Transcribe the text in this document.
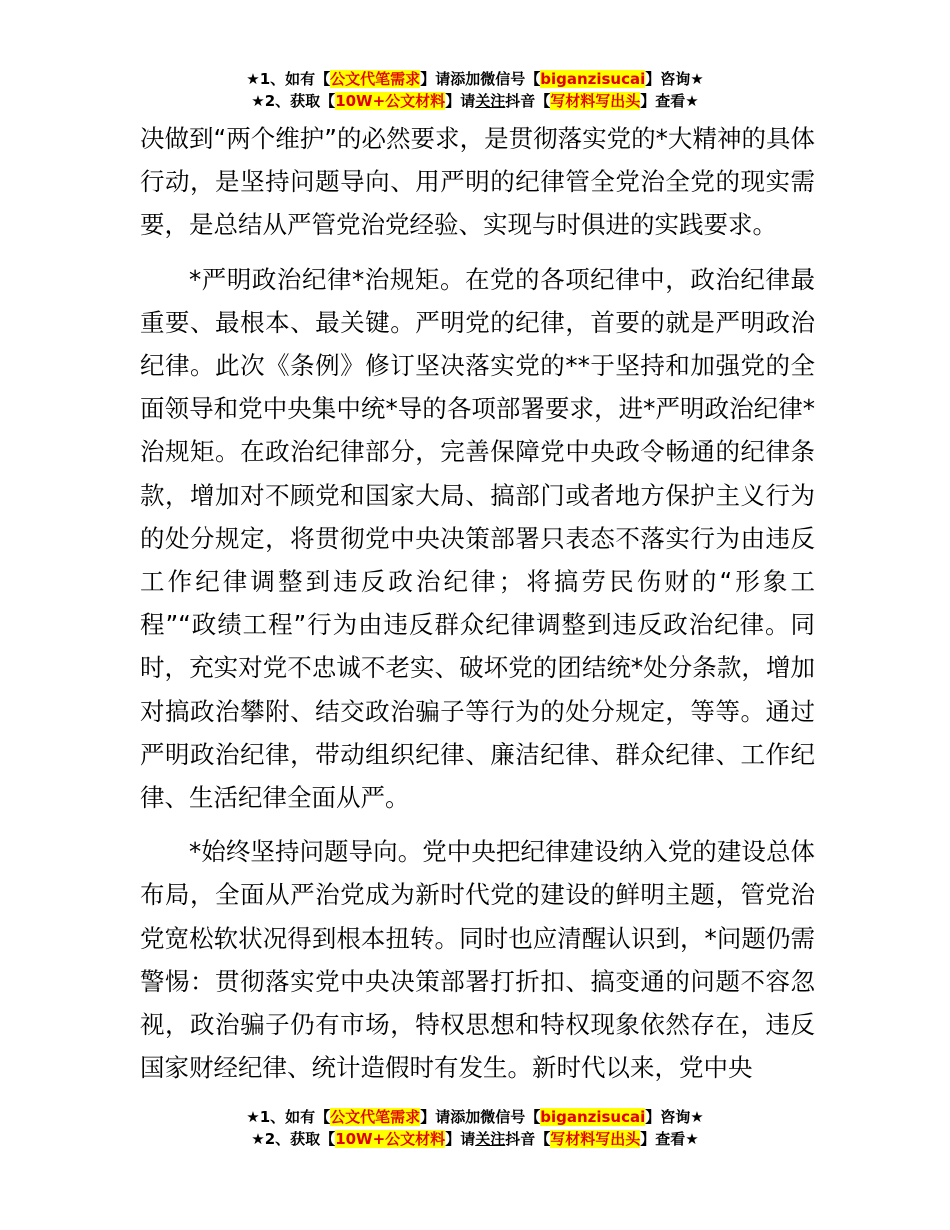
★1、如有【公文代笔需求】请添加微信号【biganzisucai】咨询★
★2、获取【10W+公文材料】请关注抖音【写材料写出头】查看★

决做到“两个维护”的必然要求，是贯彻落实党的*大精神的具体行动，是坚持问题导向、用严明的纪律管全党治全党的现实需要，是总结从严管党治党经验、实现与时俱进的实践要求。

*严明政治纪律*治规矩。在党的各项纪律中，政治纪律最重要、最根本、最关键。严明党的纪律，首要的就是严明政治纪律。此次《条例》修订坚决落实党的**于坚持和加强党的全面领导和党中央集中统*导的各项部署要求，进*严明政治纪律*治规矩。在政治纪律部分，完善保障党中央政令畅通的纪律条款，增加对不顾党和国家大局、搞部门或者地方保护主义行为的处分规定，将贯彻党中央决策部署只表态不落实行为由违反工作纪律调整到违反政治纪律；将搞劳民伤财的“形象工程”“政绩工程”行为由违反群众纪律调整到违反政治纪律。同时，充实对党不忠诚不老实、破坏党的团结统*处分条款，增加对搞政治攀附、结交政治骗子等行为的处分规定，等等。通过严明政治纪律，带动组织纪律、廉洁纪律、群众纪律、工作纪律、生活纪律全面从严。

*始终坚持问题导向。党中央把纪律建设纳入党的建设总体布局，全面从严治党成为新时代党的建设的鲜明主题，管党治党宽松软状况得到根本扭转。同时也应清醒认识到，*问题仍需警惕：贯彻落实党中央决策部署打折扣、搞变通的问题不容忽视，政治骗子仍有市场，特权思想和特权现象依然存在，违反国家财经纪律、统计造假时有发生。新时代以来，党中央

★1、如有【公文代笔需求】请添加微信号【biganzisucai】咨询★
★2、获取【10W+公文材料】请关注抖音【写材料写出头】查看★
